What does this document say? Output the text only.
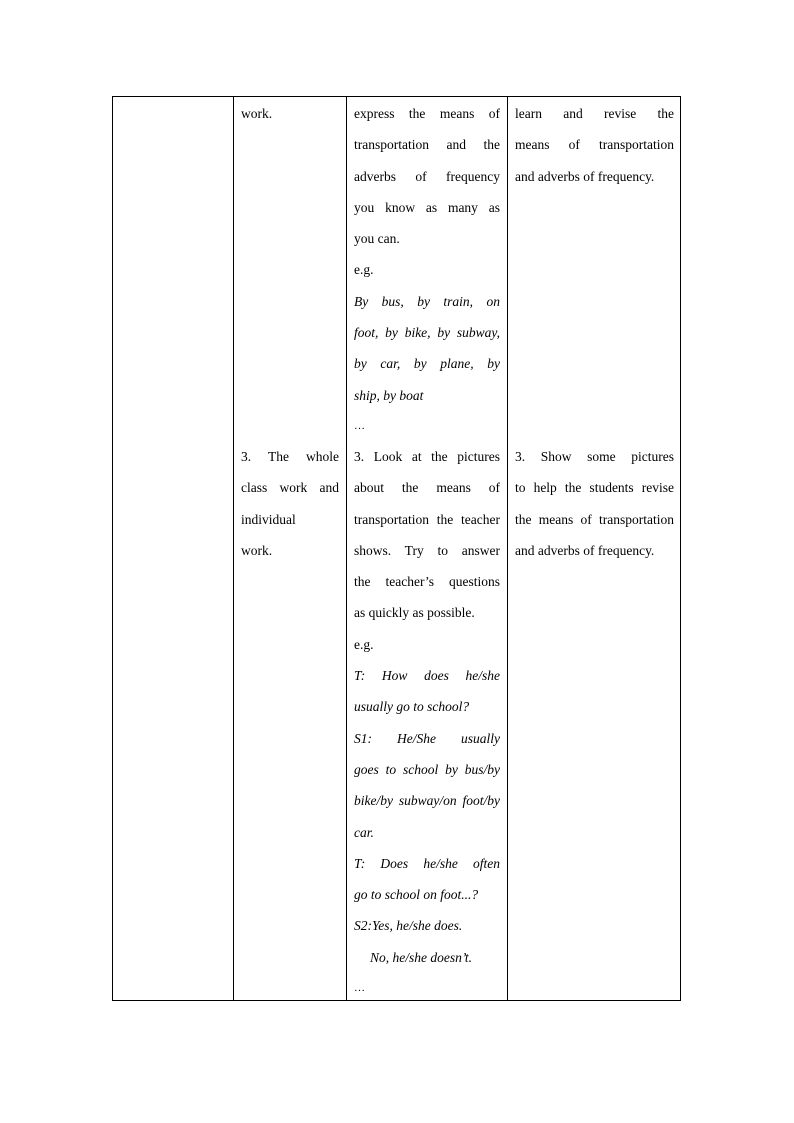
work.

3. The whole

class work and

individual

work.

express the means of

transportation and the

adverbs of frequency

you know as many as

you can.

e.g.

By bus, by train, on

foot, by bike, by subway,

by car, by plane, by

ship, by boat

…

3. Look at the pictures

about the means of

transportation the teacher

shows. Try to answer

the teacher’s questions

as quickly as possible.

e.g.

T: How does he/she

usually go to school?

S1: He/She usually

goes to school by bus/by

bike/by subway/on foot/by

car.

T: Does he/she often

go to school on foot...?

S2:Yes, he/she does.

No, he/she doesn’t.

…

learn and revise the

means of transportation

and adverbs of frequency.

3. Show some pictures

to help the students revise

the means of transportation

and adverbs of frequency.
